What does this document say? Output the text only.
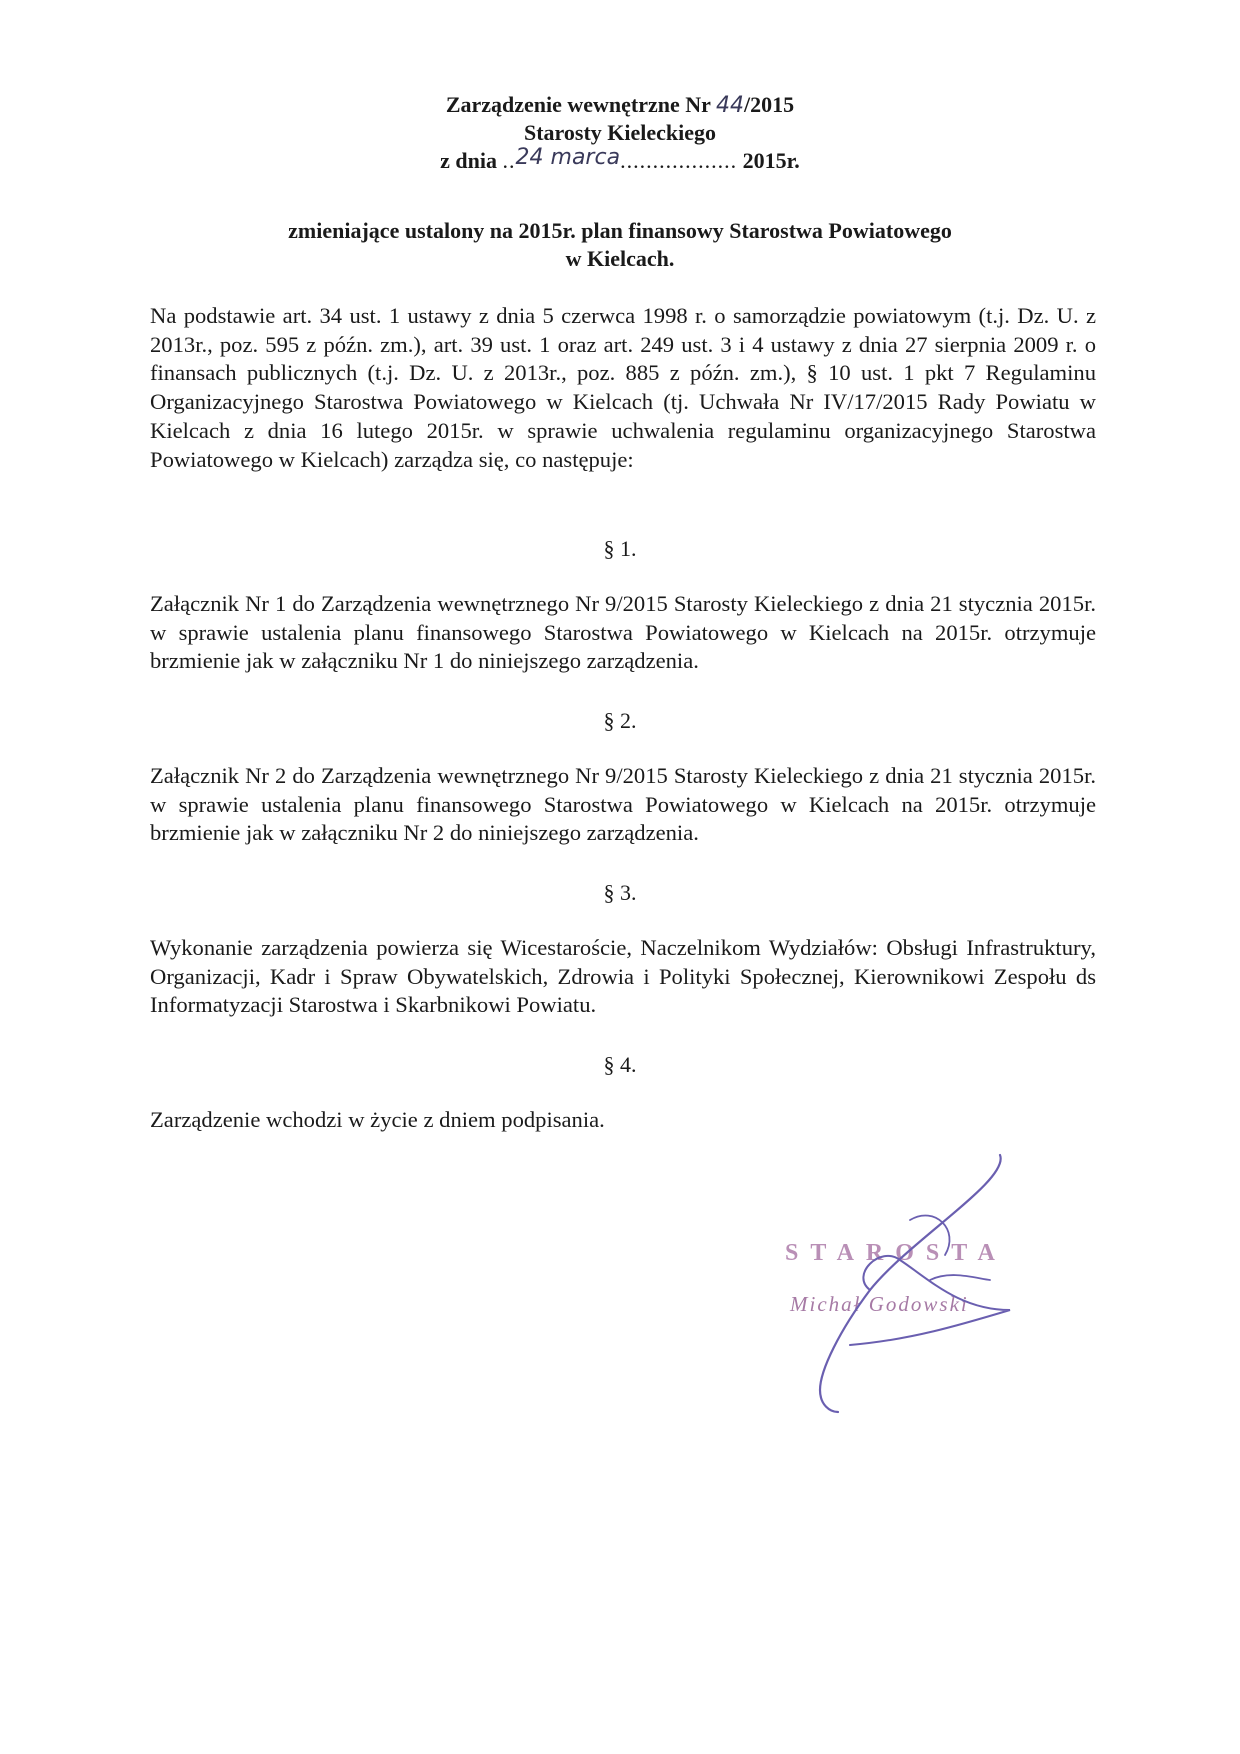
Zarządzenie wewnętrzne Nr 44/2015
Starosty Kieleckiego
z dnia ..24 marca.................. 2015r.
zmieniające ustalony na 2015r. plan finansowy Starostwa Powiatowego
w Kielcach.

Na podstawie art. 34 ust. 1 ustawy z dnia 5 czerwca 1998 r. o samorządzie powiatowym (t.j. Dz. U. z 2013r., poz. 595 z późn. zm.), art. 39 ust. 1 oraz art. 249 ust. 3 i 4 ustawy z dnia 27 sierpnia 2009 r. o finansach publicznych (t.j. Dz. U. z 2013r., poz. 885 z późn. zm.), § 10 ust. 1 pkt 7 Regulaminu Organizacyjnego Starostwa Powiatowego w Kielcach (tj. Uchwała Nr IV/17/2015 Rady Powiatu w Kielcach z dnia 16 lutego 2015r. w sprawie uchwalenia regulaminu organizacyjnego Starostwa Powiatowego w Kielcach) zarządza się, co następuje:

§ 1.

Załącznik Nr 1 do Zarządzenia wewnętrznego Nr 9/2015 Starosty Kieleckiego z dnia 21 stycznia 2015r. w sprawie ustalenia planu finansowego Starostwa Powiatowego w Kielcach na 2015r. otrzymuje brzmienie jak w załączniku Nr 1 do niniejszego zarządzenia.

§ 2.

Załącznik Nr 2 do Zarządzenia wewnętrznego Nr 9/2015 Starosty Kieleckiego z dnia 21 stycznia 2015r. w sprawie ustalenia planu finansowego Starostwa Powiatowego w Kielcach na 2015r. otrzymuje brzmienie jak w załączniku Nr 2 do niniejszego zarządzenia.

§ 3.

Wykonanie zarządzenia powierza się Wicestaroście, Naczelnikom Wydziałów: Obsługi Infrastruktury, Organizacji, Kadr i Spraw Obywatelskich, Zdrowia i Polityki Społecznej, Kierownikowi Zespołu ds Informatyzacji Starostwa i Skarbnikowi Powiatu.

§ 4.

Zarządzenie wchodzi w życie z dniem podpisania.

STAROSTA
Michał Godowski
